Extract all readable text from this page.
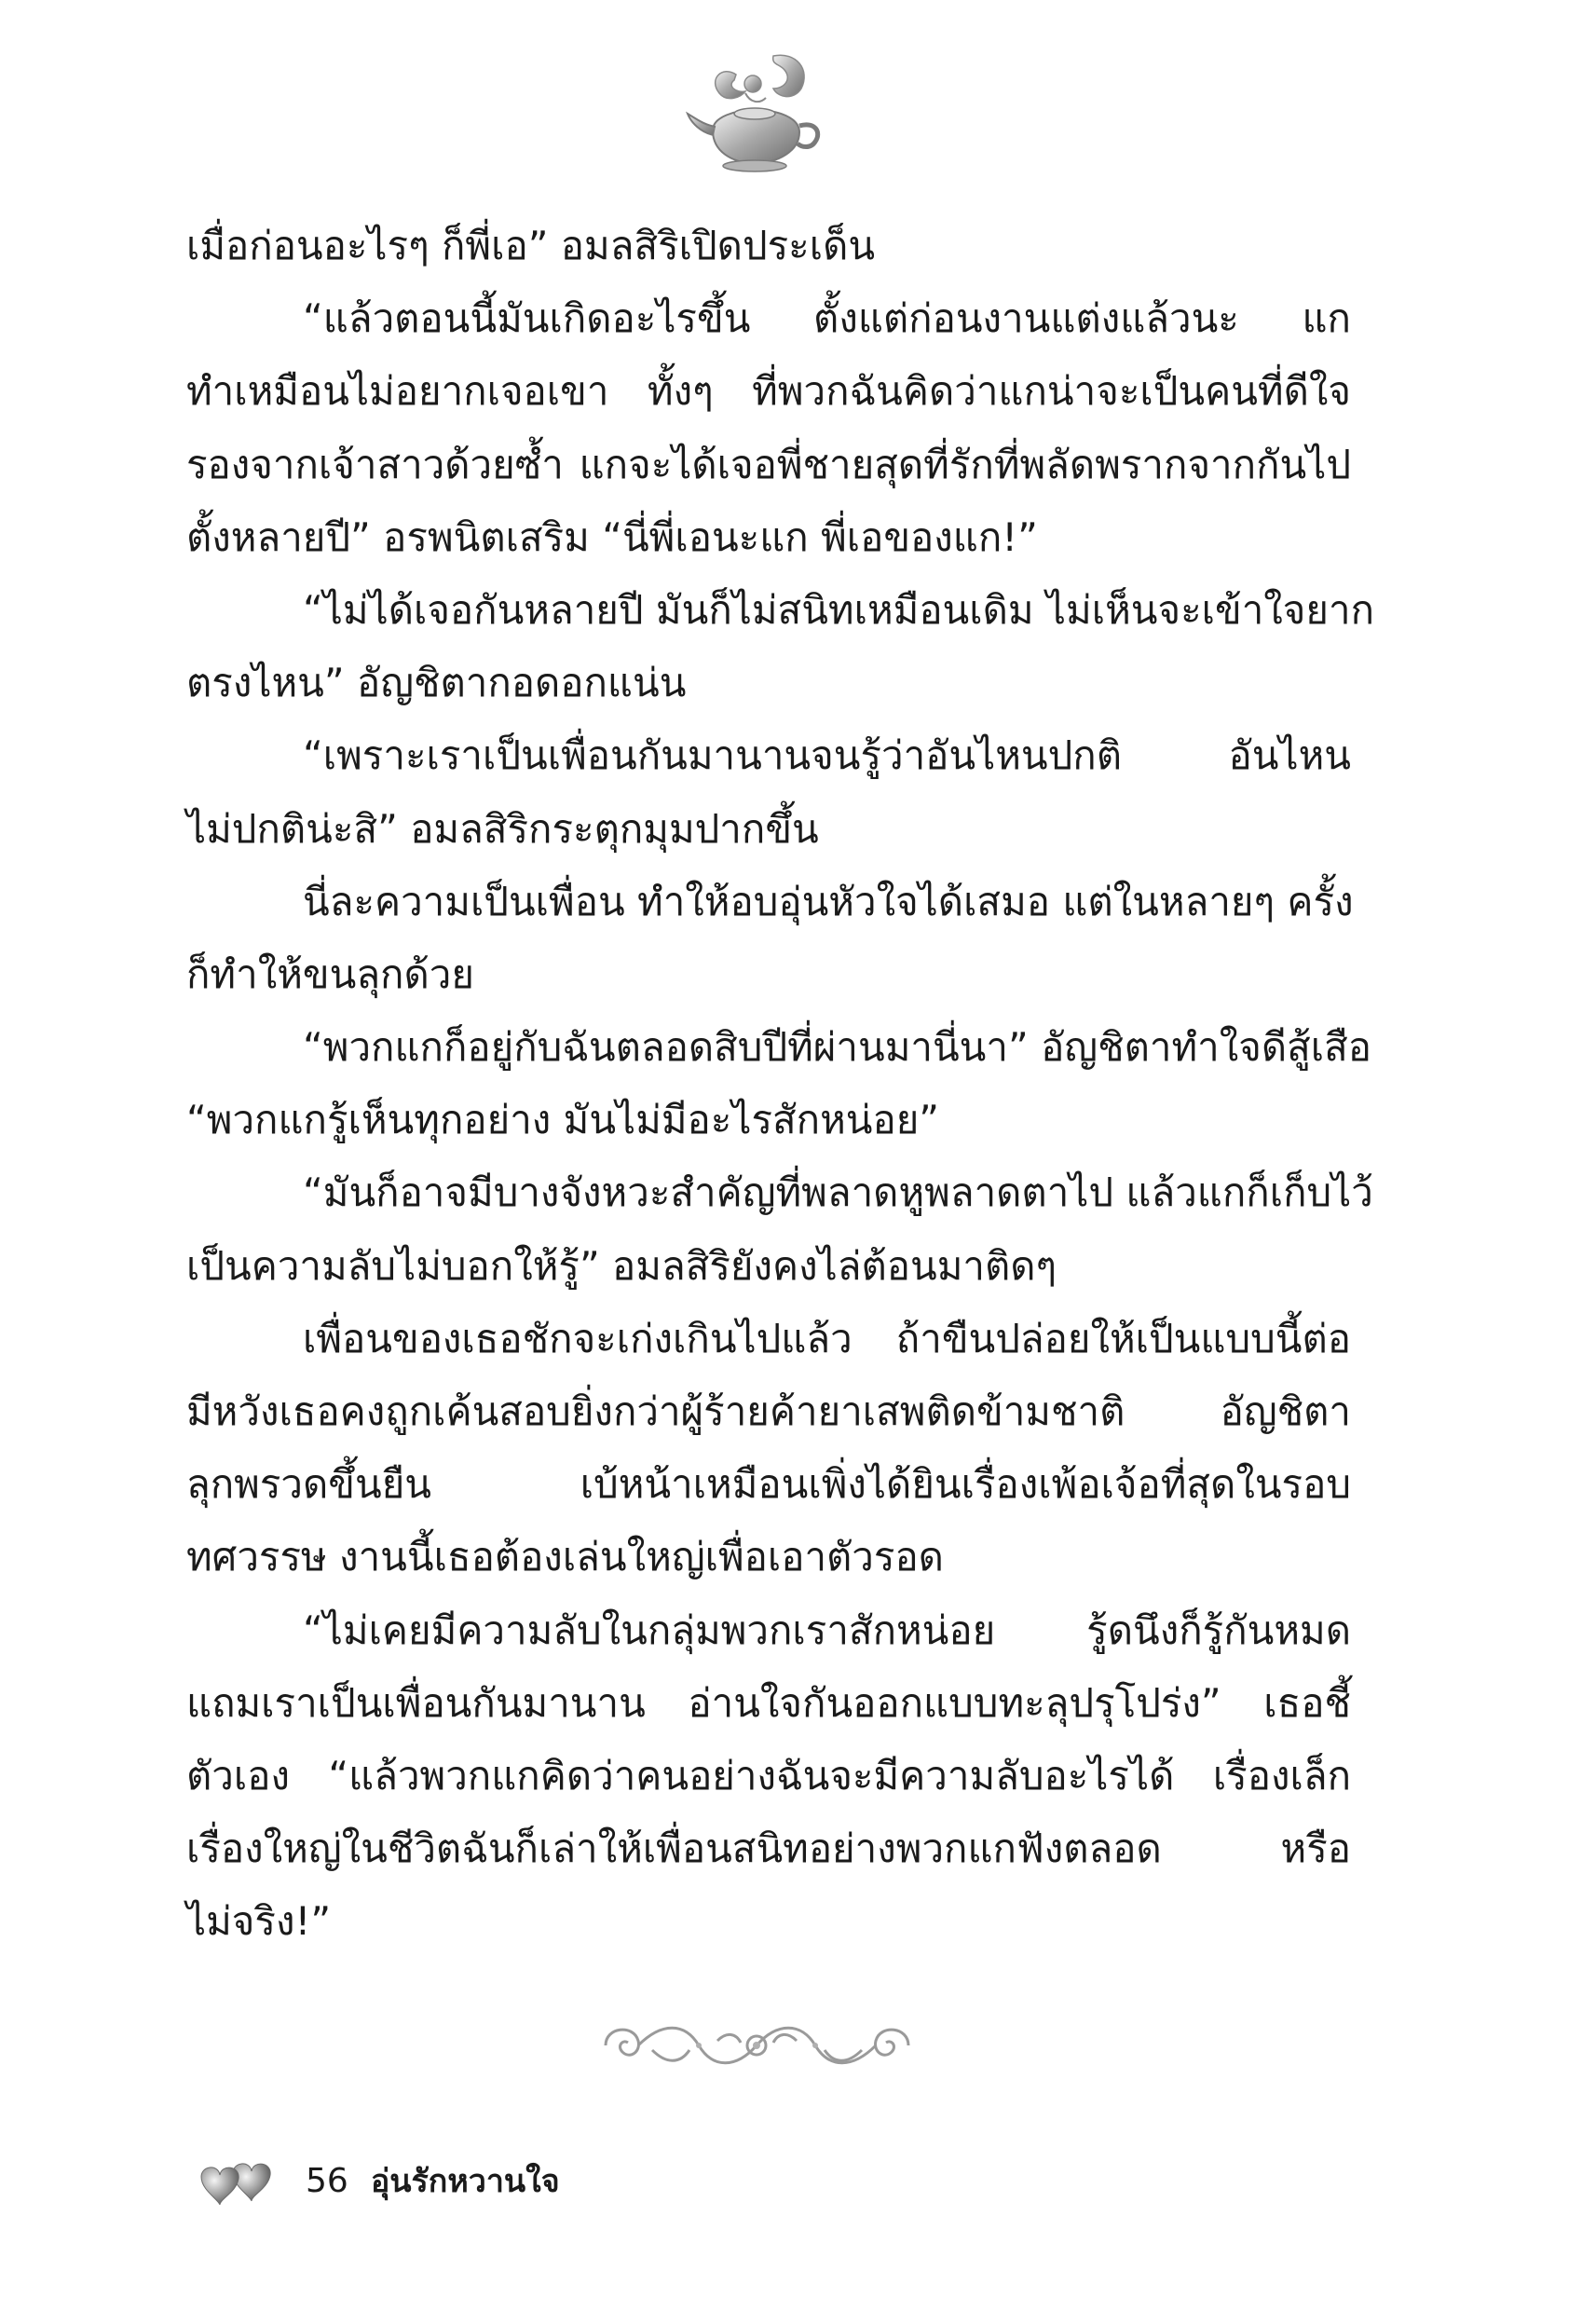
เมื่อก่อนอะไรๆ ก็พี่เอ” อมลสิริเปิดประเด็น
“แล้วตอนนี้มันเกิดอะไรขึ้น ตั้งแต่ก่อนงานแต่งแล้วนะ แก
ทำเหมือนไม่อยากเจอเขา ทั้งๆ ที่พวกฉันคิดว่าแกน่าจะเป็นคนที่ดีใจ
รองจากเจ้าสาวด้วยซ้ำ แกจะได้เจอพี่ชายสุดที่รักที่พลัดพรากจากกันไป
ตั้งหลายปี” อรพนิตเสริม “นี่พี่เอนะแก พี่เอของแก!”
“ไม่ได้เจอกันหลายปี มันก็ไม่สนิทเหมือนเดิม ไม่เห็นจะเข้าใจยาก
ตรงไหน” อัญชิตากอดอกแน่น
“เพราะเราเป็นเพื่อนกันมานานจนรู้ว่าอันไหนปกติ อันไหน
ไม่ปกติน่ะสิ” อมลสิริกระตุกมุมปากขึ้น
นี่ละความเป็นเพื่อน ทำให้อบอุ่นหัวใจได้เสมอ แต่ในหลายๆ ครั้ง
ก็ทำให้ขนลุกด้วย
“พวกแกก็อยู่กับฉันตลอดสิบปีที่ผ่านมานี่นา” อัญชิตาทำใจดีสู้เสือ
“พวกแกรู้เห็นทุกอย่าง มันไม่มีอะไรสักหน่อย”
“มันก็อาจมีบางจังหวะสำคัญที่พลาดหูพลาดตาไป แล้วแกก็เก็บไว้
เป็นความลับไม่บอกให้รู้” อมลสิริยังคงไล่ต้อนมาติดๆ
เพื่อนของเธอชักจะเก่งเกินไปแล้ว ถ้าขืนปล่อยให้เป็นแบบนี้ต่อ
มีหวังเธอคงถูกเค้นสอบยิ่งกว่าผู้ร้ายค้ายาเสพติดข้ามชาติ อัญชิตา
ลุกพรวดขึ้นยืน เบ้หน้าเหมือนเพิ่งได้ยินเรื่องเพ้อเจ้อที่สุดในรอบ
ทศวรรษ งานนี้เธอต้องเล่นใหญ่เพื่อเอาตัวรอด
“ไม่เคยมีความลับในกลุ่มพวกเราสักหน่อย รู้ดนึงก็รู้กันหมด
แถมเราเป็นเพื่อนกันมานาน อ่านใจกันออกแบบทะลุปรุโปร่ง” เธอชี้
ตัวเอง “แล้วพวกแกคิดว่าคนอย่างฉันจะมีความลับอะไรได้ เรื่องเล็ก
เรื่องใหญ่ในชีวิตฉันก็เล่าให้เพื่อนสนิทอย่างพวกแกฟังตลอด หรือ
ไม่จริง!”
56 อุ่นรักหวานใจ
